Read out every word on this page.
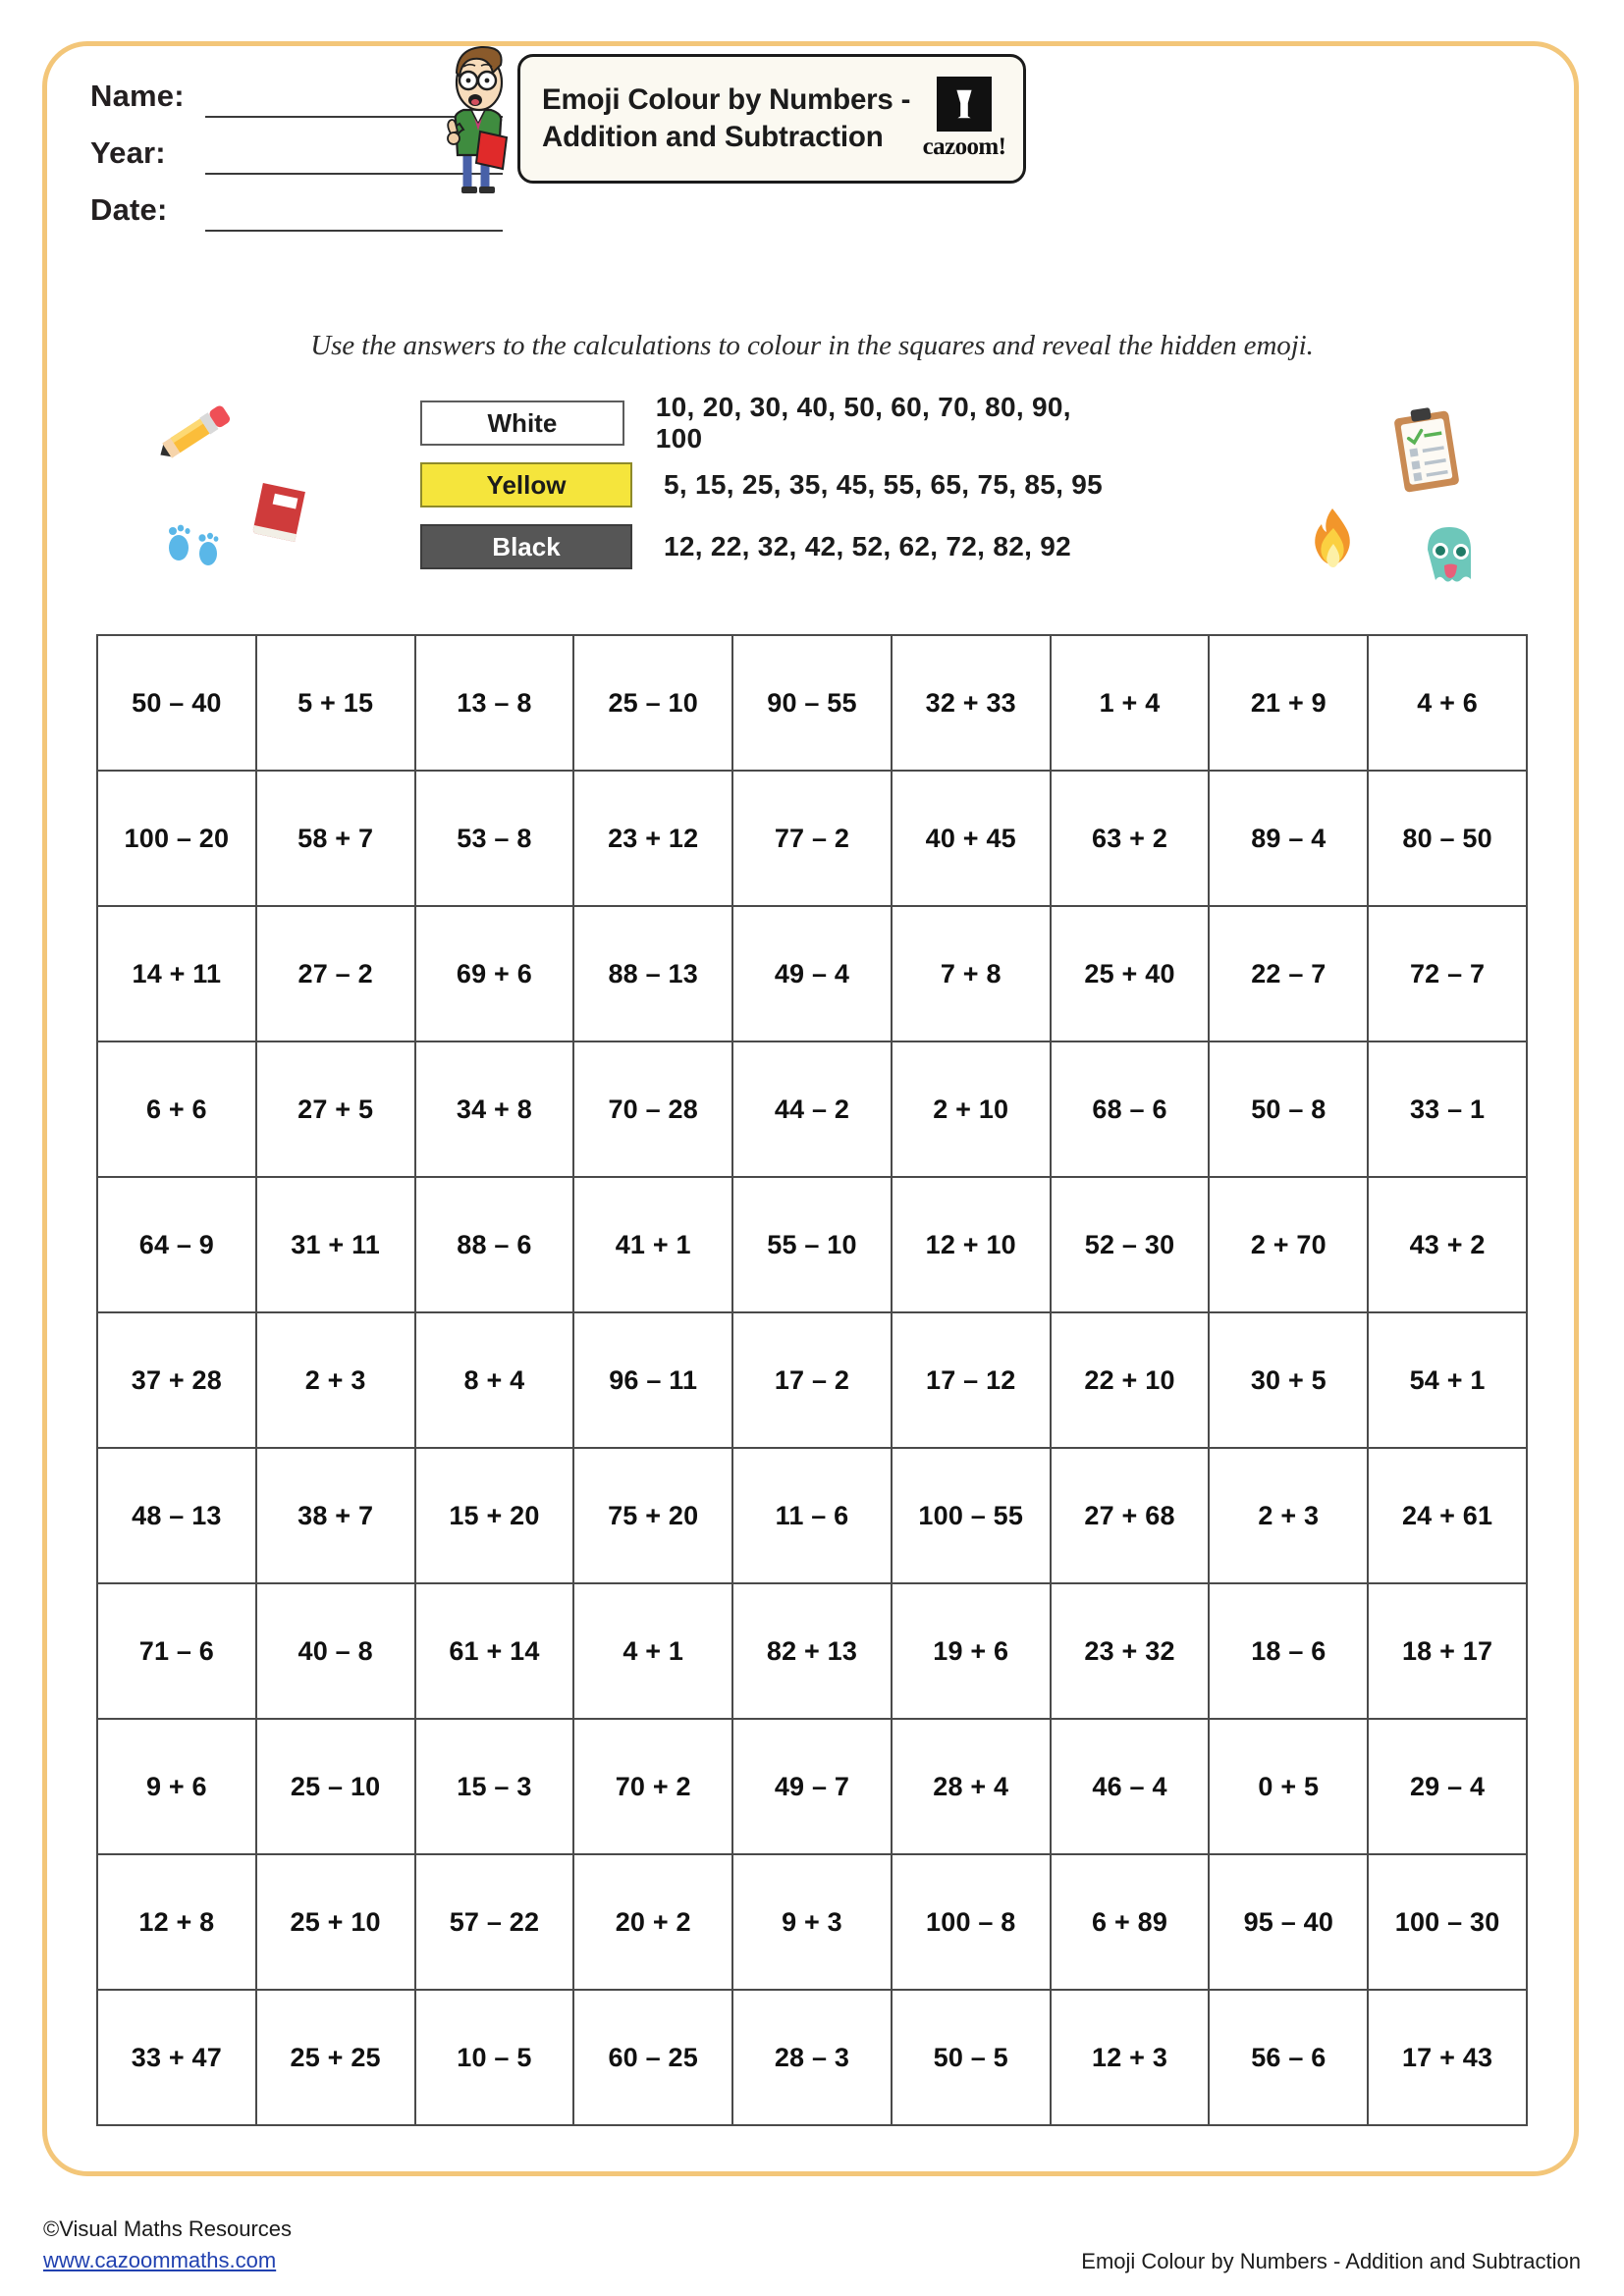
Name:
Year:
Date:
Emoji Colour by Numbers - Addition and Subtraction	cazoom!
Use the answers to the calculations to colour in the squares and reveal the hidden emoji.
White
10, 20, 30, 40, 50, 60, 70, 80, 90, 100
Yellow	5, 15, 25, 35, 45, 55, 65, 75, 85, 95
Black	12, 22, 32, 42, 52, 62, 72, 82, 92
50 – 40	5 + 15	13 – 8	25 – 10	90 – 55	32 + 33	1 + 4	21 + 9	4 + 6
100 – 20	58 + 7	53 – 8	23 + 12	77 – 2	40 + 45	63 + 2	89 – 4	80 – 50
14 + 11	27 – 2	69 + 6	88 – 13	49 – 4	7 + 8	25 + 40	22 – 7	72 – 7
6 + 6	27 + 5	34 + 8	70 – 28	44 – 2	2 + 10	68 – 6	50 – 8	33 – 1
64 – 9	31 + 11	88 – 6	41 + 1	55 – 10	12 + 10	52 – 30	2 + 70	43 + 2
37 + 28	2 + 3	8 + 4	96 – 11	17 – 2	17 – 12	22 + 10	30 + 5	54 + 1
48 – 13	38 + 7	15 + 20	75 + 20	11 – 6	100 – 55	27 + 68	2 + 3	24 + 61
71 – 6	40 – 8	61 + 14	4 + 1	82 + 13	19 + 6	23 + 32	18 – 6	18 + 17
9 + 6	25 – 10	15 – 3	70 + 2	49 – 7	28 + 4	46 – 4	0 + 5	29 – 4
12 + 8	25 + 10	57 – 22	20 + 2	9 + 3	100 – 8	6 + 89	95 – 40	100 – 30
33 + 47	25 + 25	10 – 5	60 – 25	28 – 3	50 – 5	12 + 3	56 – 6	17 + 43
©Visual Maths Resources
www.cazoommaths.com	Emoji Colour by Numbers - Addition and Subtraction
